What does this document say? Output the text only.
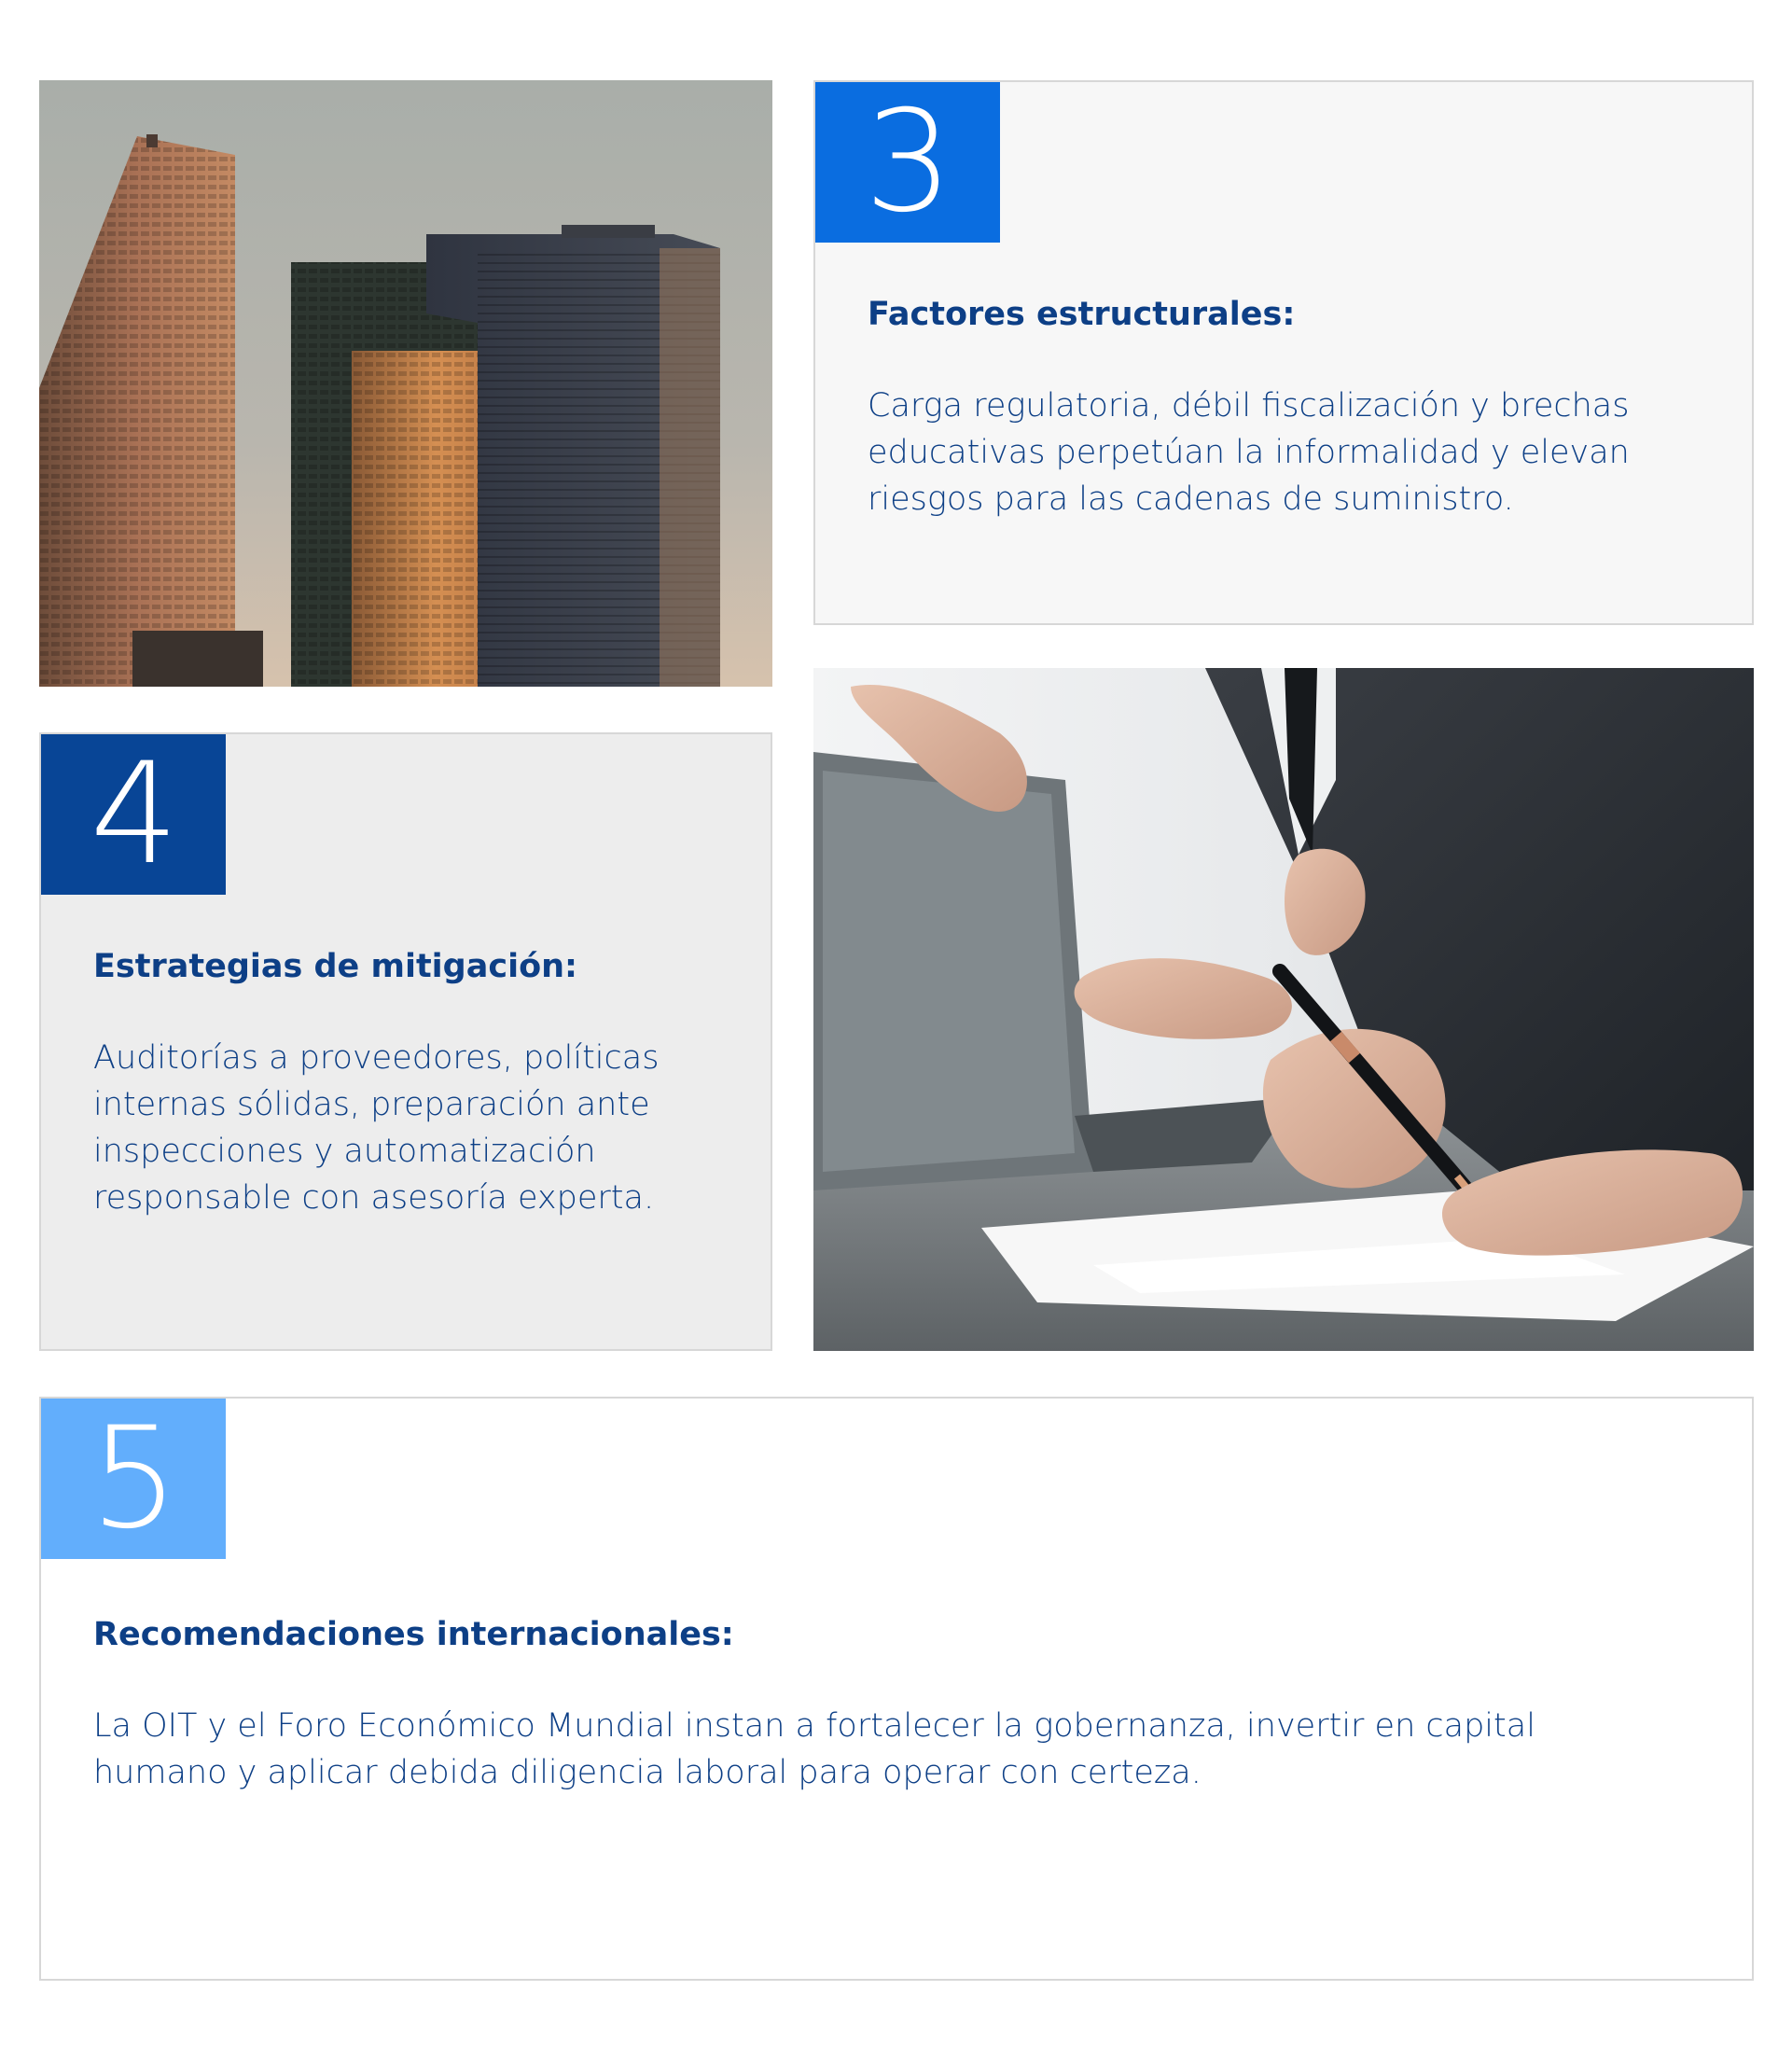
3
Factores estructurales:
Carga regulatoria, débil fiscalización y brechas educativas perpetúan la informalidad y elevan riesgos para las cadenas de suministro.
4
Estrategias de mitigación:
Auditorías a proveedores, políticas internas sólidas, preparación ante inspecciones y automatización responsable con asesoría experta.
5
Recomendaciones internacionales:
La OIT y el Foro Económico Mundial instan a fortalecer la gobernanza, invertir en capital humano y aplicar debida diligencia laboral para operar con certeza.
